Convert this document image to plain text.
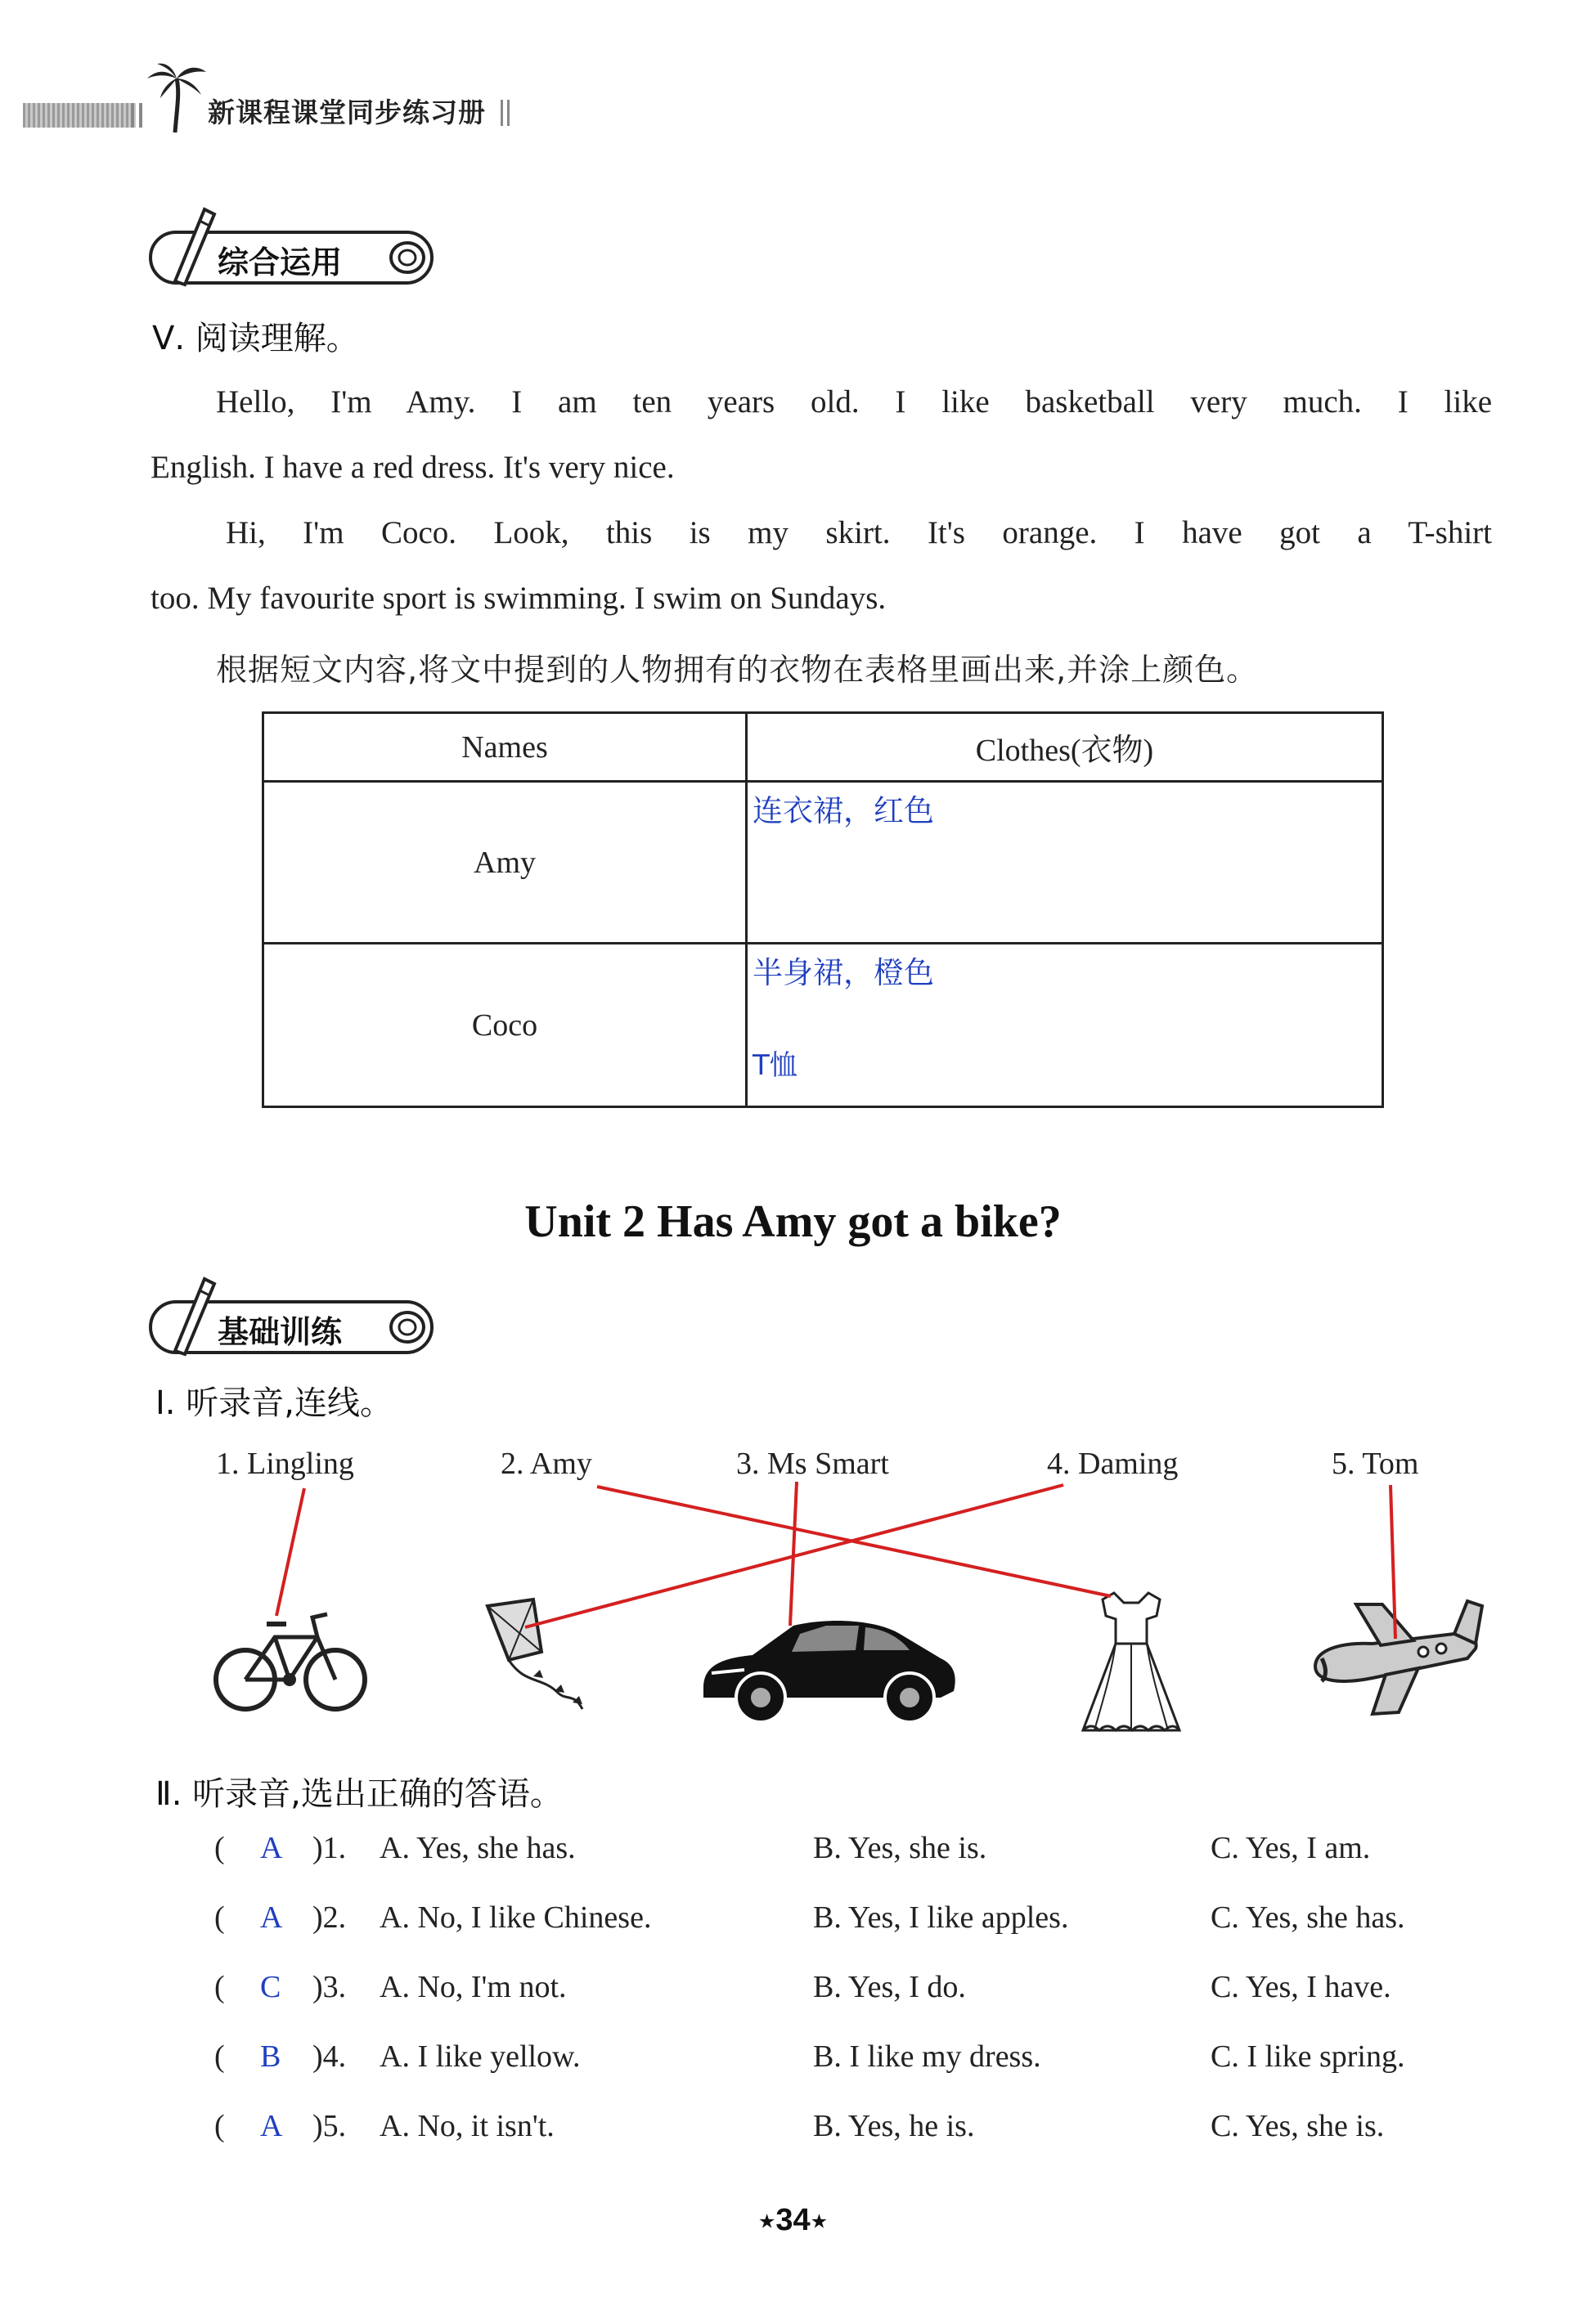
新课程课堂同步练习册
综合运用
Ⅴ. 阅读理解。
Hello, I'm Amy. I am ten years old. I like basketball very much. I like
English. I have a red dress. It's very nice.
Hi, I'm Coco. Look, this is my skirt. It's orange. I have got a T-shirt
too. My favourite sport is swimming. I swim on Sundays.
根据短文内容,将文中提到的人物拥有的衣物在表格里画出来,并涂上颜色。
Names	Clothes(衣物)
Amy	连衣裙，红色

Coco	半身裙，橙色
T恤
Unit 2 Has Amy got a bike?
基础训练
Ⅰ. 听录音,连线。
1. Lingling	2. Amy	3. Ms Smart	4. Daming	5. Tom
Ⅱ. 听录音,选出正确的答语。
( A )1. A. Yes, she has.	B. Yes, she is.	C. Yes, I am.
( A )2. A. No, I like Chinese.	B. Yes, I like apples.	C. Yes, she has.
( C )3. A. No, I'm not.	B. Yes, I do.	C. Yes, I have.
( B )4. A. I like yellow.	B. I like my dress.	C. I like spring.
( A )5. A. No, it isn't.	B. Yes, he is.	C. Yes, she is.
★34★
